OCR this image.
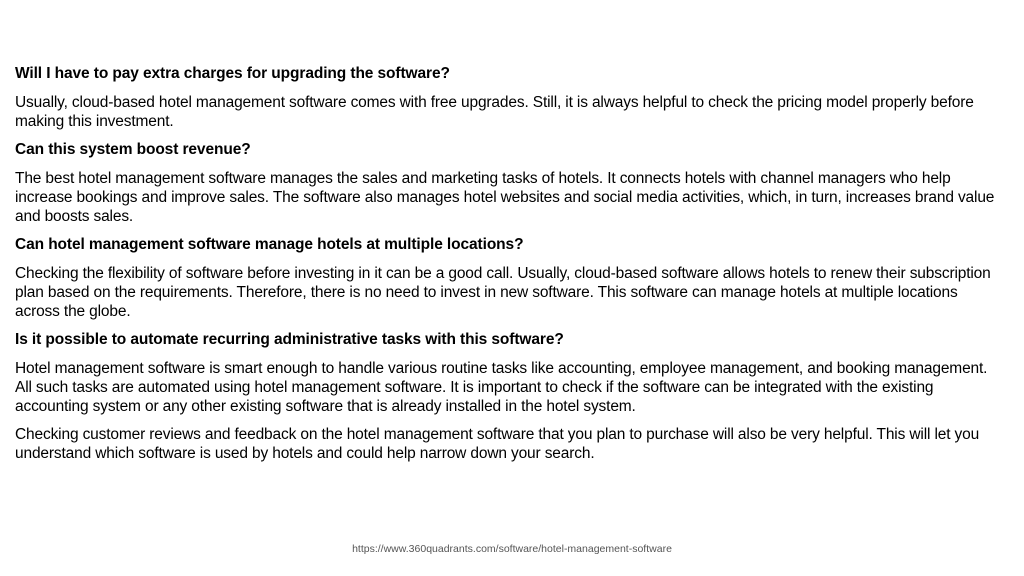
Will I have to pay extra charges for upgrading the software?
Usually, cloud-based hotel management software comes with free upgrades. Still, it is always helpful to check the pricing model properly before making this investment.
Can this system boost revenue?
The best hotel management software manages the sales and marketing tasks of hotels. It connects hotels with channel managers who help increase bookings and improve sales. The software also manages hotel websites and social media activities, which, in turn, increases brand value and boosts sales.
Can hotel management software manage hotels at multiple locations?
Checking the flexibility of software before investing in it can be a good call. Usually, cloud-based software allows hotels to renew their subscription plan based on the requirements. Therefore, there is no need to invest in new software. This software can manage hotels at multiple locations across the globe.
Is it possible to automate recurring administrative tasks with this software?
Hotel management software is smart enough to handle various routine tasks like accounting, employee management, and booking management. All such tasks are automated using hotel management software. It is important to check if the software can be integrated with the existing accounting system or any other existing software that is already installed in the hotel system.
Checking customer reviews and feedback on the hotel management software that you plan to purchase will also be very helpful. This will let you understand which software is used by hotels and could help narrow down your search.
https://www.360quadrants.com/software/hotel-management-software
